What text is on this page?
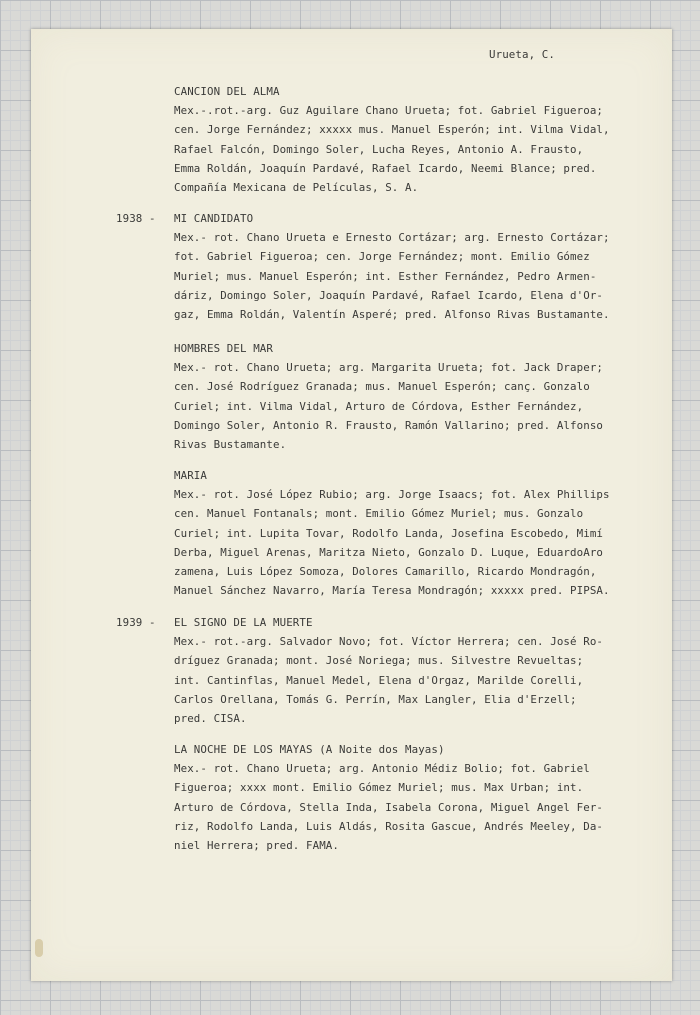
Urueta, C.
CANCION DEL ALMA
Mex.-.rot.-arg. Guz Aguilare Chano Urueta; fot. Gabriel Figueroa;
cen. Jorge Fernández; xxxxx mus. Manuel Esperón; int. Vilma Vidal,
Rafael Falcón, Domingo Soler, Lucha Reyes, Antonio A. Frausto,
Emma Roldán, Joaquín Pardavé, Rafael Icardo, Neemi Blance; pred.
Compañía Mexicana de Películas, S. A.
1938 - MI CANDIDATO
Mex.- rot. Chano Urueta e Ernesto Cortázar; arg. Ernesto Cortázar;
fot. Gabriel Figueroa; cen. Jorge Fernández; mont. Emilio Gómez
Muriel; mus. Manuel Esperón; int. Esther Fernández, Pedro Armen-
dáriz, Domingo Soler, Joaquín Pardavé, Rafael Icardo, Elena d'Or-
gaz, Emma Roldán, Valentín Asperé; pred. Alfonso Rivas Bustamante.
HOMBRES DEL MAR
Mex.- rot. Chano Urueta; arg. Margarita Urueta; fot. Jack Draper;
cen. José Rodríguez Granada; mus. Manuel Esperón; canç. Gonzalo
Curiel; int. Vilma Vidal, Arturo de Córdova, Esther Fernández,
Domingo Soler, Antonio R. Frausto, Ramón Vallarino; pred. Alfonso
Rivas Bustamante.
MARIA
Mex.- rot. José López Rubio; arg. Jorge Isaacs; fot. Alex Phillips
cen. Manuel Fontanals; mont. Emilio Gómez Muriel; mus. Gonzalo
Curiel; int. Lupita Tovar, Rodolfo Landa, Josefina Escobedo, Mimí
Derba, Miguel Arenas, Maritza Nieto, Gonzalo D. Luque, EduardoArо
zamena, Luis López Somoza, Dolores Camarillo, Ricardo Mondragón,
Manuel Sánchez Navarro, María Teresa Mondragón; xxxxx pred. PIPSA.
1939 - EL SIGNO DE LA MUERTE
Mex.- rot.-arg. Salvador Novo; fot. Víctor Herrera; cen. José Ro-
dríguez Granada; mont. José Noriega; mus. Silvestre Revueltas;
int. Cantinflas, Manuel Medel, Elena d'Orgaz, Marilde Corelli,
Carlos Orellana, Tomás G. Perrín, Max Langler, Elia d'Erzell;
pred. CISA.
LA NOCHE DE LOS MAYAS (A Noite dos Mayas)
Mex.- rot. Chano Urueta; arg. Antonio Médiz Bolio; fot. Gabriel
Figueroa; xxxx mont. Emilio Gómez Muriel; mus. Max Urban; int.
Arturo de Córdova, Stella Inda, Isabela Corona, Miguel Angel Fer-
riz, Rodolfo Landa, Luis Aldás, Rosita Gascue, Andrés Meeley, Da-
niel Herrera; pred. FAMA.
